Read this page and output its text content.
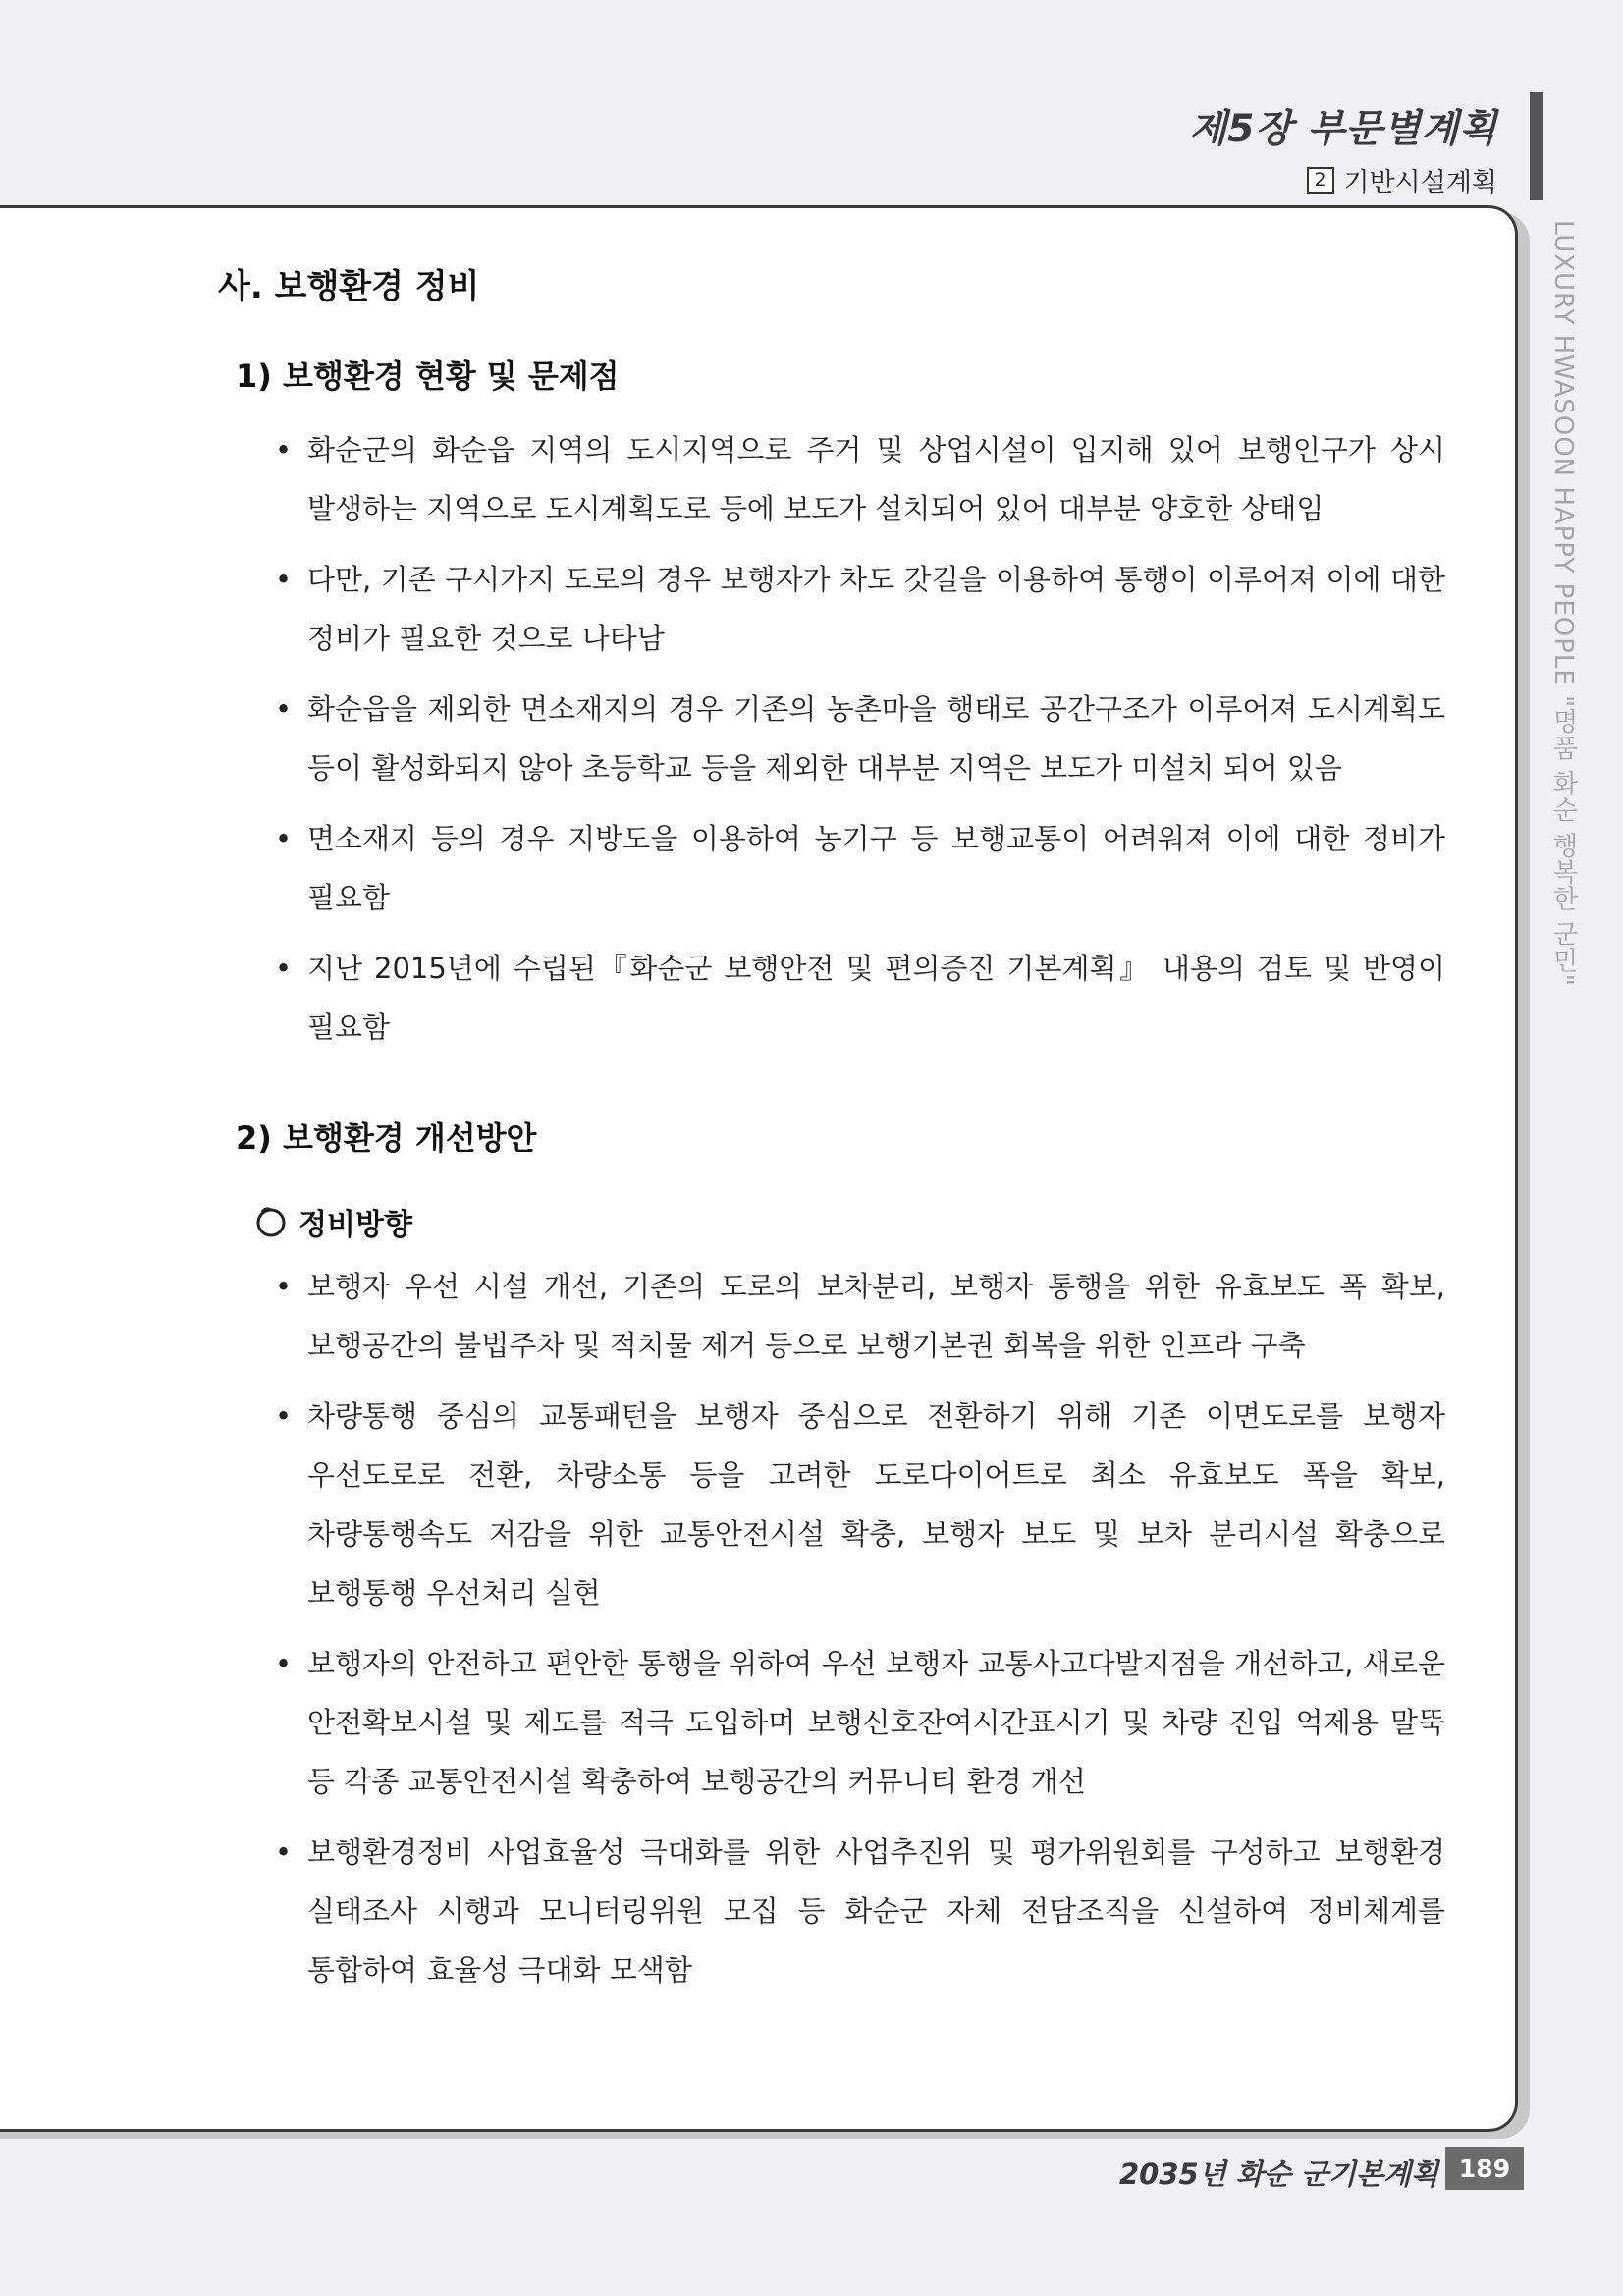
제5장 부문별계획
2 기반시설계획
LUXURY HWASOON HAPPY PEOPLE "명품 화순 행복한 군민"
사. 보행환경 정비
1) 보행환경 현황 및 문제점
• 화순군의 화순읍 지역의 도시지역으로 주거 및 상업시설이 입지해 있어 보행인구가 상시 발생하는 지역으로 도시계획도로 등에 보도가 설치되어 있어 대부분 양호한 상태임
• 다만, 기존 구시가지 도로의 경우 보행자가 차도 갓길을 이용하여 통행이 이루어져 이에 대한 정비가 필요한 것으로 나타남
• 화순읍을 제외한 면소재지의 경우 기존의 농촌마을 행태로 공간구조가 이루어져 도시계획도 등이 활성화되지 않아 초등학교 등을 제외한 대부분 지역은 보도가 미설치 되어 있음
• 면소재지 등의 경우 지방도을 이용하여 농기구 등 보행교통이 어려워져 이에 대한 정비가 필요함
• 지난 2015년에 수립된『화순군 보행안전 및 편의증진 기본계획』 내용의 검토 및 반영이 필요함
2) 보행환경 개선방안
정비방향
• 보행자 우선 시설 개선, 기존의 도로의 보차분리, 보행자 통행을 위한 유효보도 폭 확보, 보행공간의 불법주차 및 적치물 제거 등으로 보행기본권 회복을 위한 인프라 구축
• 차량통행 중심의 교통패턴을 보행자 중심으로 전환하기 위해 기존 이면도로를 보행자 우선도로로 전환, 차량소통 등을 고려한 도로다이어트로 최소 유효보도 폭을 확보, 차량통행속도 저감을 위한 교통안전시설 확충, 보행자 보도 및 보차 분리시설 확충으로 보행통행 우선처리 실현
• 보행자의 안전하고 편안한 통행을 위하여 우선 보행자 교통사고다발지점을 개선하고, 새로운 안전확보시설 및 제도를 적극 도입하며 보행신호잔여시간표시기 및 차량 진입 억제용 말뚝 등 각종 교통안전시설 확충하여 보행공간의 커뮤니티 환경 개선
• 보행환경정비 사업효율성 극대화를 위한 사업추진위 및 평가위원회를 구성하고 보행환경 실태조사 시행과 모니터링위원 모집 등 화순군 자체 전담조직을 신설하여 정비체계를 통합하여 효율성 극대화 모색함
2035년 화순 군기본계획 189
